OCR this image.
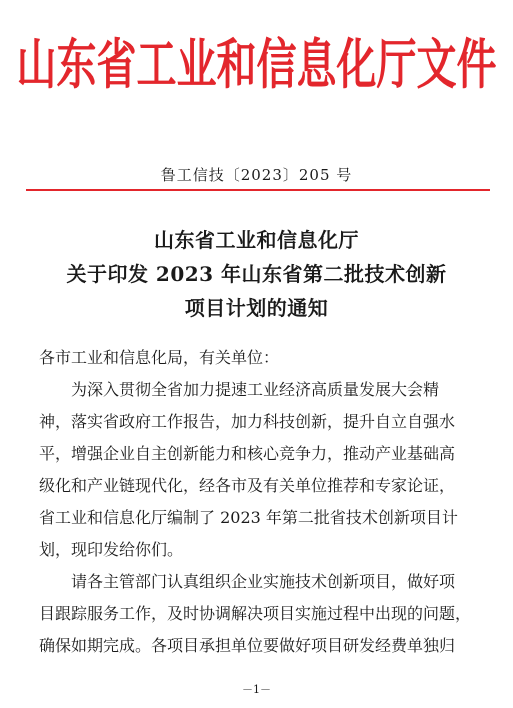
山东省工业和信息化厅文件
鲁工信技〔2023〕205 号
山东省工业和信息化厅
关于印发 2023 年山东省第二批技术创新
项目计划的通知
各市工业和信息化局，有关单位：
为深入贯彻全省加力提速工业经济高质量发展大会精
神，落实省政府工作报告，加力科技创新，提升自立自强水
平，增强企业自主创新能力和核心竞争力，推动产业基础高
级化和产业链现代化，经各市及有关单位推荐和专家论证，
省工业和信息化厅编制了 2023 年第二批省技术创新项目计
划，现印发给你们。
请各主管部门认真组织企业实施技术创新项目，做好项
目跟踪服务工作，及时协调解决项目实施过程中出现的问题，
确保如期完成。各项目承担单位要做好项目研发经费单独归
－1－
